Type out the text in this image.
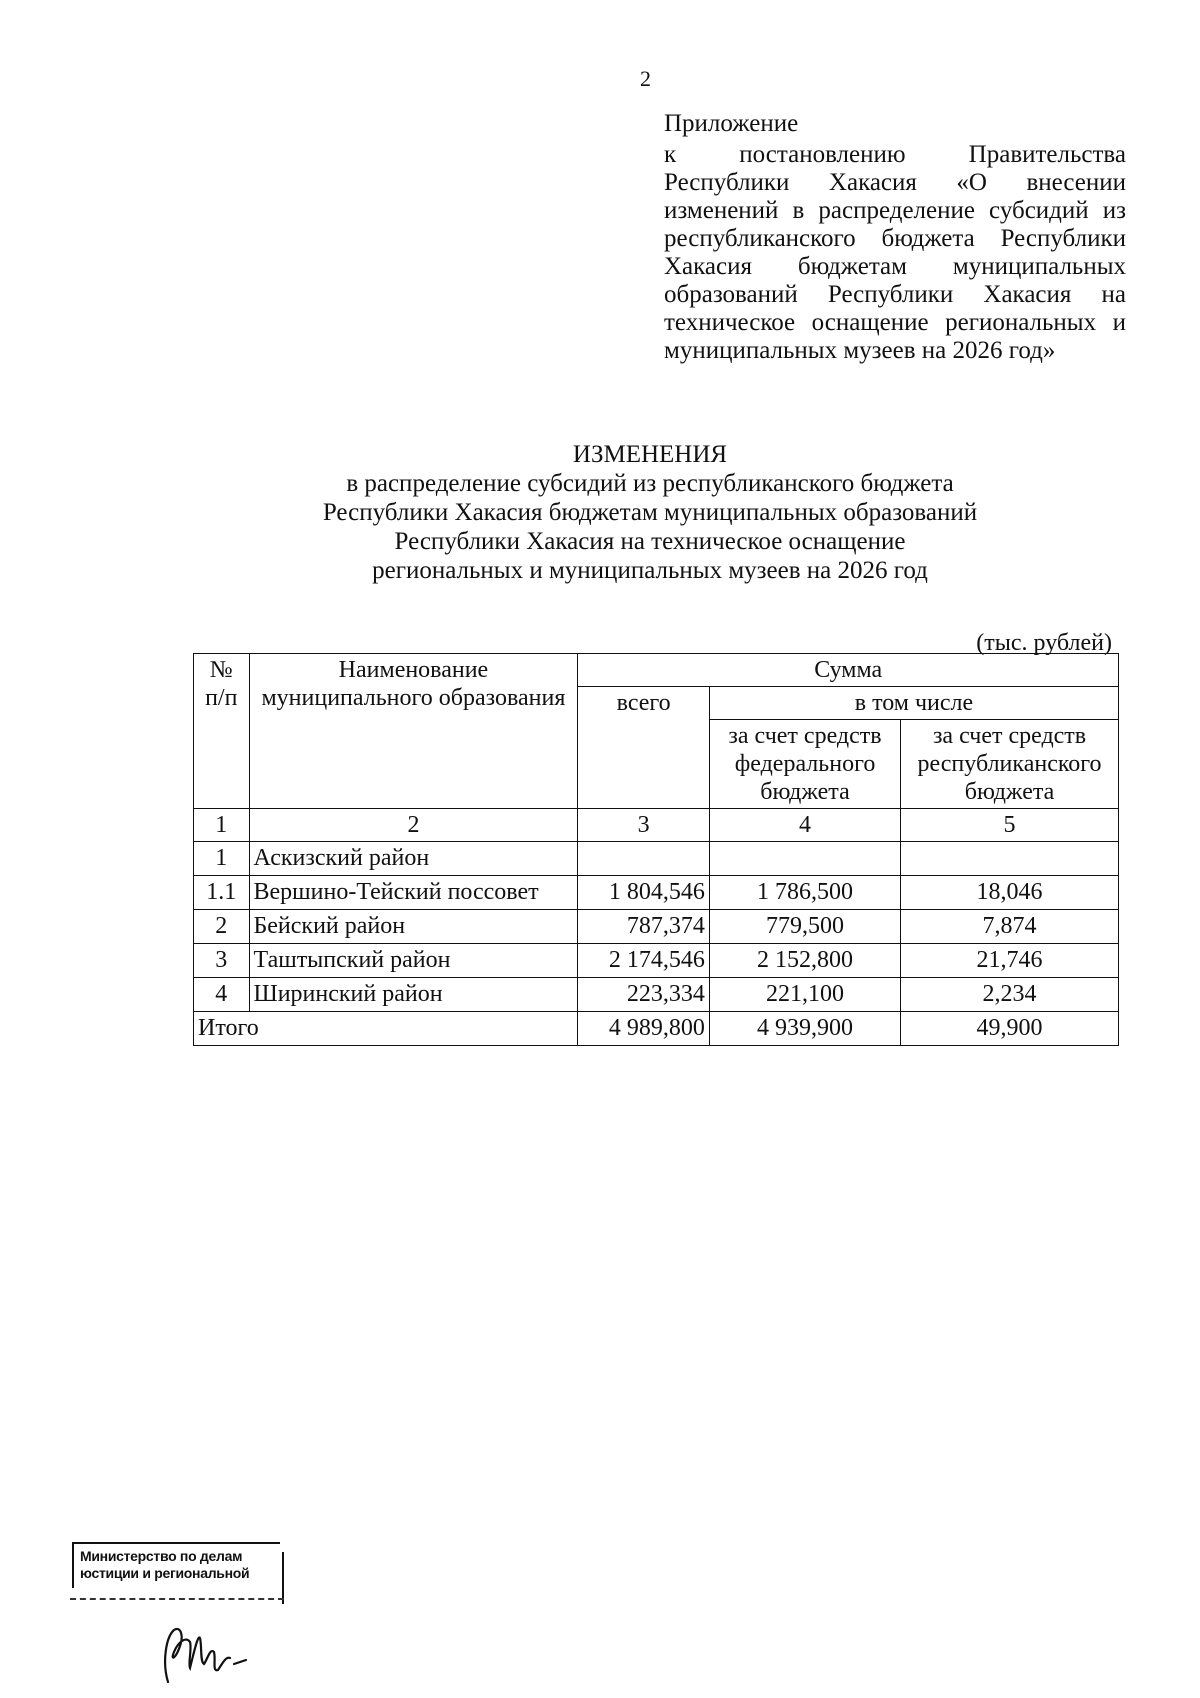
2
Приложение
к постановлению Правительства Республики Хакасия «О внесении изменений в распределение субсидий из республиканского бюджета Республики Хакасия бюджетам муниципальных образований Республики Хакасия на техническое оснащение региональных и муниципальных музеев на 2026 год»
ИЗМЕНЕНИЯ
в распределение субсидий из республиканского бюджета
Республики Хакасия бюджетам муниципальных образований
Республики Хакасия на техническое оснащение
региональных и муниципальных музеев на 2026 год
(тыс. рублей)
№ п/п	Наименование муниципального образования	Сумма		
		всего	в том числе	
			за счет средств федерального бюджета	за счет средств республиканского бюджета
1	2	3	4	5
1	Аскизский район			
1.1	Вершино-Тейский поссовет	1 804,546	1 786,500	18,046
2	Бейский район	787,374	779,500	7,874
3	Таштыпский район	2 174,546	2 152,800	21,746
4	Ширинский район	223,334	221,100	2,234
Итого		4 989,800	4 939,900	49,900
Министерство по делам
юстиции и региональной
